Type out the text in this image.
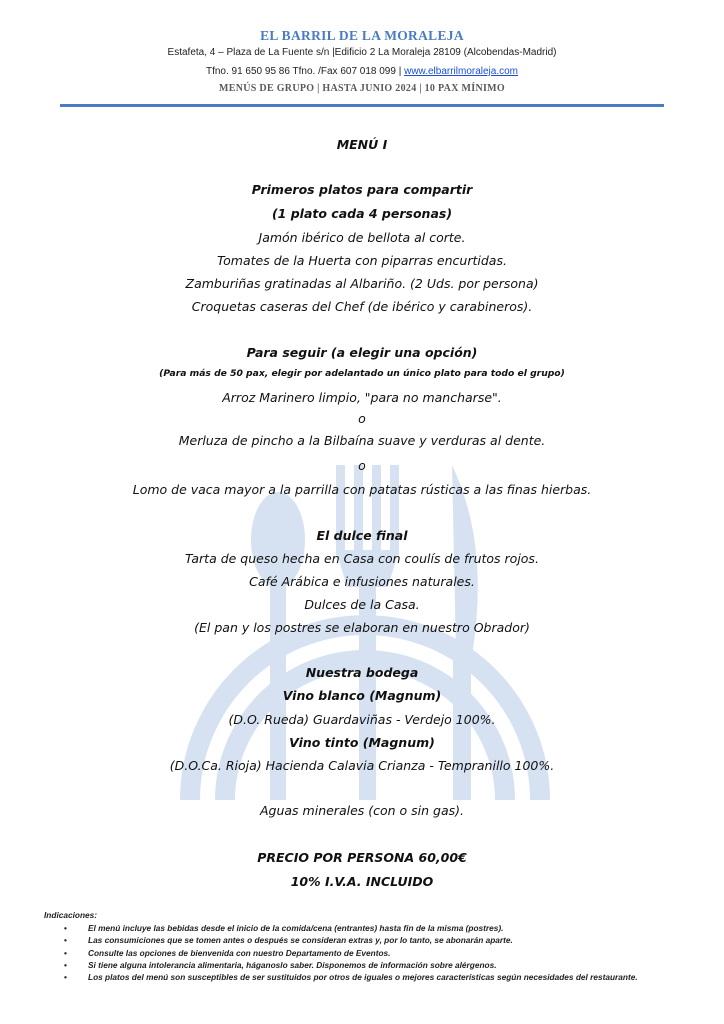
EL BARRIL DE LA MORALEJA
Estafeta, 4 – Plaza de La Fuente s/n |Edificio 2 La Moraleja 28109 (Alcobendas-Madrid)
Tfno. 91 650 95 86 Tfno. /Fax 607 018 099 | www.elbarrilmoraleja.com
MENÚS DE GRUPO | HASTA JUNIO 2024 | 10 PAX MÍNIMO
MENÚ I
Primeros platos para compartir
(1 plato cada 4 personas)
Jamón ibérico de bellota al corte.
Tomates de la Huerta con piparras encurtidas.
Zamburiñas gratinadas al Albariño. (2 Uds. por persona)
Croquetas caseras del Chef (de ibérico y carabineros).
Para seguir (a elegir una opción)
(Para más de 50 pax, elegir por adelantado un único plato para todo el grupo)
Arroz Marinero limpio, "para no mancharse".
o
Merluza de pincho a la Bilbaína suave y verduras al dente.
o
Lomo de vaca mayor a la parrilla con patatas rústicas a las finas hierbas.
El dulce final
Tarta de queso hecha en Casa con coulís de frutos rojos.
Café Arábica e infusiones naturales.
Dulces de la Casa.
(El pan y los postres se elaboran en nuestro Obrador)
Nuestra bodega
Vino blanco (Magnum)
(D.O. Rueda) Guardaviñas - Verdejo 100%.
Vino tinto (Magnum)
(D.O.Ca. Rioja) Hacienda Calavia Crianza - Tempranillo 100%.
Aguas minerales (con o sin gas).
PRECIO POR PERSONA 60,00€
10% I.V.A. INCLUIDO
Indicaciones:
•	El menú incluye las bebidas desde el inicio de la comida/cena (entrantes) hasta fin de la misma (postres).
•	Las consumiciones que se tomen antes o después se consideran extras y, por lo tanto, se abonarán aparte.
•	Consulte las opciones de bienvenida con nuestro Departamento de Eventos.
•	Si tiene alguna intolerancia alimentaria, háganoslo saber. Disponemos de información sobre alérgenos.
•	Los platos del menú son susceptibles de ser sustituidos por otros de iguales o mejores características según necesidades del restaurante.
